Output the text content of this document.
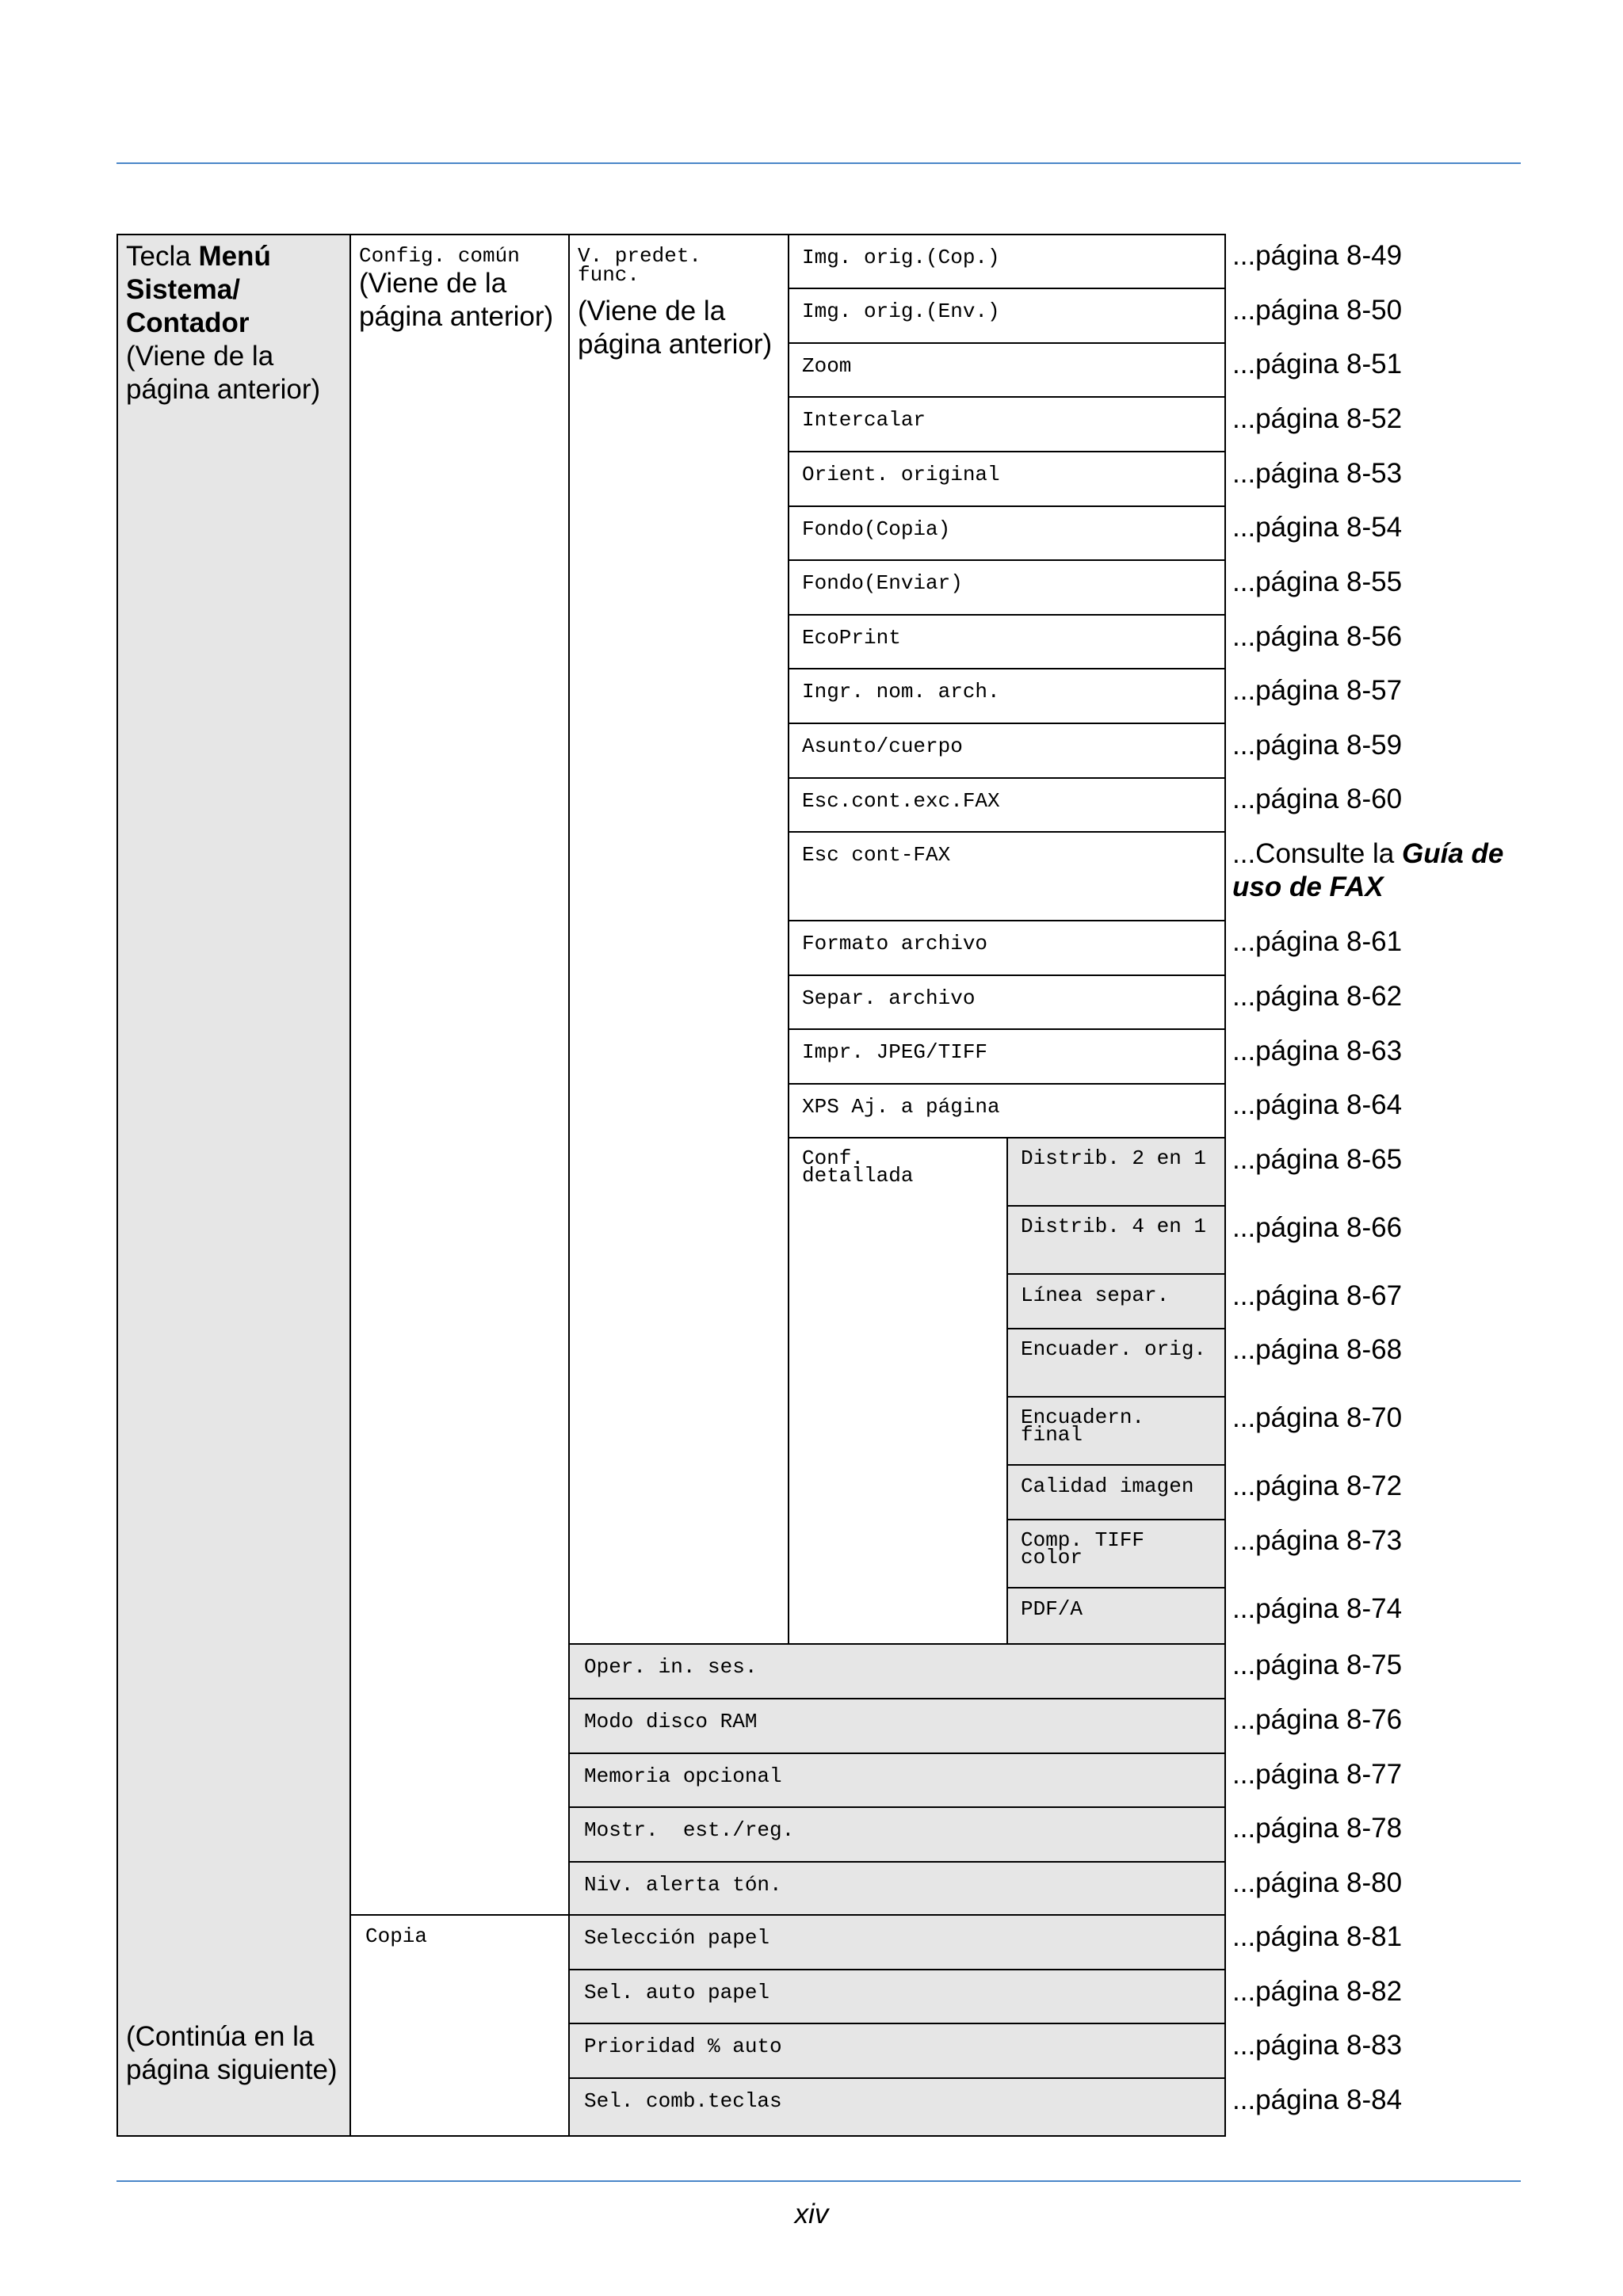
Tecla Menú Sistema/ Contador
(Viene de la página anterior)
(Continúa en la página siguiente)
Config. común
(Viene de la página anterior)
Copia
V. predet. func.
(Viene de la página anterior)
Img. orig.(Cop.)
Img. orig.(Env.)
Zoom
Intercalar
Orient. original
Fondo(Copia)
Fondo(Enviar)
EcoPrint
Ingr. nom. arch.
Asunto/cuerpo
Esc.cont.exc.FAX
Esc cont-FAX
Formato archivo
Separ. archivo
Impr. JPEG/TIFF
XPS Aj. a página
Conf. detallada
Distrib. 2 en 1
Distrib. 4 en 1
Línea separ.
Encuader. orig.
Encuadern. final
Calidad imagen
Comp. TIFF color
PDF/A
Oper. in. ses.
Modo disco RAM
Memoria opcional
Mostr.  est./reg.
Niv. alerta tón.
Selección papel
Sel. auto papel
Prioridad % auto
Sel. comb.teclas
...página 8-49
...página 8-50
...página 8-51
...página 8-52
...página 8-53
...página 8-54
...página 8-55
...página 8-56
...página 8-57
...página 8-59
...página 8-60
...Consulte la Guía de uso de FAX
...página 8-61
...página 8-62
...página 8-63
...página 8-64
...página 8-65
...página 8-66
...página 8-67
...página 8-68
...página 8-70
...página 8-72
...página 8-73
...página 8-74
...página 8-75
...página 8-76
...página 8-77
...página 8-78
...página 8-80
...página 8-81
...página 8-82
...página 8-83
...página 8-84
xiv
